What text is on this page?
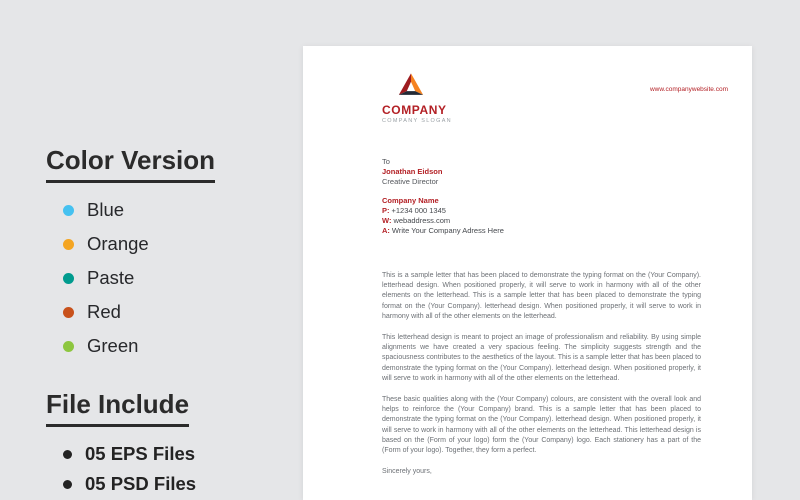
Color Version
Blue
Orange
Paste
Red
Green
File Include
05 EPS Files
05 PSD Files
COMPANY
COMPANY SLOGAN
www.companywebsite.com
To
Jonathan Eidson
Creative Director
Company Name
P: +1234 000 1345
W: webaddress.com
A: Write Your Company Adress Here

This is a sample letter that has been placed to demonstrate the typing format on the (Your Company). letterhead design. When positioned properly, it will serve to work in harmony with all of the other elements on the letterhead. This is a sample letter that has been placed to demonstrate the typing format on the (Your Company). letterhead design. When positioned properly, it will serve to work in harmony with all of the other elements on the letterhead.

This letterhead design is meant to project an image of professionalism and reliability. By using simple alignments we have created a very spacious feeling. The simplicity suggests strength and the spaciousness contributes to the aesthetics of the layout. This is a sample letter that has been placed to demonstrate the typing format on the (Your Company). letterhead design. When positioned properly, it will serve to work in harmony with all of the other elements on the letterhead.

These basic qualities along with the (Your Company) colours, are consistent with the overall look and helps to reinforce the (Your Company) brand. This is a sample letter that has been placed to demonstrate the typing format on the (Your Company). letterhead design. When positioned properly, it will serve to work in harmony with all of the other elements on the letterhead. This letterhead design is based on the (Form of your logo) form the (Your Company) logo. Each stationery has a part of the (Form of your logo). Together, they form a perfect.

Sincerely yours,
